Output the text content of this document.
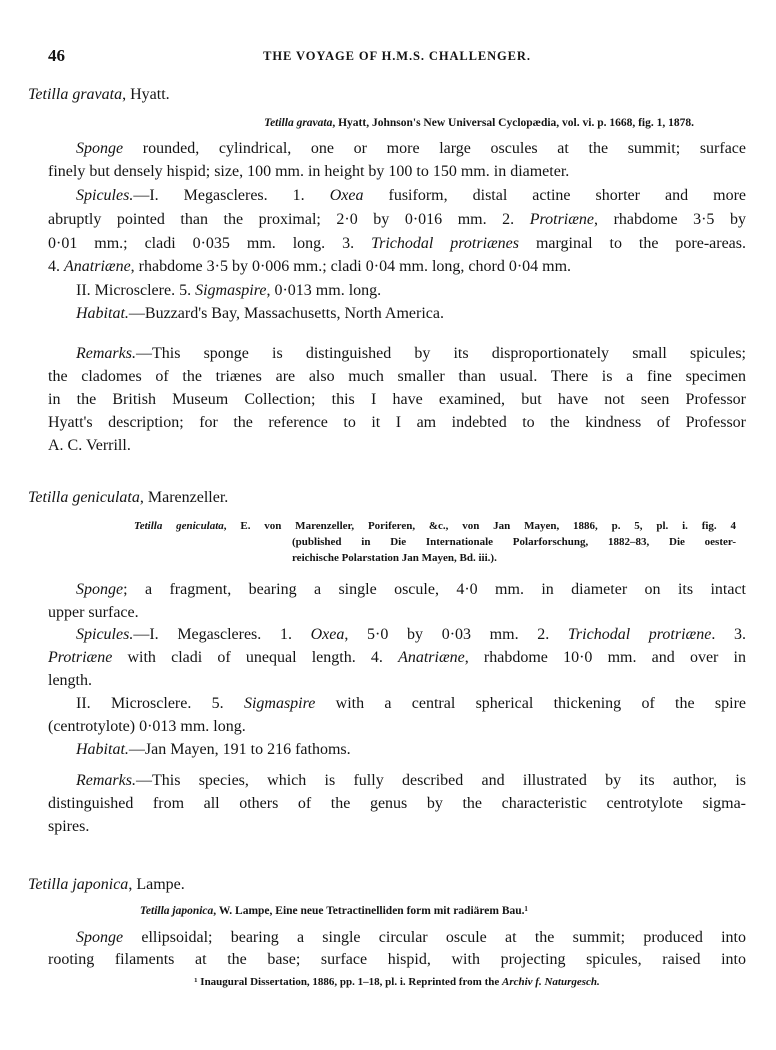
46	THE VOYAGE OF H.M.S. CHALLENGER.
Tetilla gravata, Hyatt.
Tetilla gravata, Hyatt, Johnson's New Universal Cyclopædia, vol. vi. p. 1668, fig. 1, 1878.
Sponge rounded, cylindrical, one or more large oscules at the summit; surface
finely but densely hispid; size, 100 mm. in height by 100 to 150 mm. in diameter.
Spicules.—I. Megascleres. 1. Oxea fusiform, distal actine shorter and more
abruptly pointed than the proximal; 2·0 by 0·016 mm. 2. Protriæne, rhabdome 3·5 by
0·01 mm.; cladi 0·035 mm. long. 3. Trichodal protriænes marginal to the pore-areas.
4. Anatriæne, rhabdome 3·5 by 0·006 mm.; cladi 0·04 mm. long, chord 0·04 mm.
II. Microsclere. 5. Sigmaspire, 0·013 mm. long.
Habitat.—Buzzard's Bay, Massachusetts, North America.
Remarks.—This sponge is distinguished by its disproportionately small spicules;
the cladomes of the triænes are also much smaller than usual. There is a fine specimen
in the British Museum Collection; this I have examined, but have not seen Professor
Hyatt's description; for the reference to it I am indebted to the kindness of Professor
A. C. Verrill.
Tetilla geniculata, Marenzeller.
Tetilla geniculata, E. von Marenzeller, Poriferen, &c., von Jan Mayen, 1886, p. 5, pl. i. fig. 4
(published in Die Internationale Polarforschung, 1882–83, Die oester-
reichische Polarstation Jan Mayen, Bd. iii.).
Sponge; a fragment, bearing a single oscule, 4·0 mm. in diameter on its intact
upper surface.
Spicules.—I. Megascleres. 1. Oxea, 5·0 by 0·03 mm. 2. Trichodal protriæne. 3.
Protriæne with cladi of unequal length. 4. Anatriæne, rhabdome 10·0 mm. and over in
length.
II. Microsclere. 5. Sigmaspire with a central spherical thickening of the spire
(centrotylote) 0·013 mm. long.
Habitat.—Jan Mayen, 191 to 216 fathoms.
Remarks.—This species, which is fully described and illustrated by its author, is
distinguished from all others of the genus by the characteristic centrotylote sigma-
spires.
Tetilla japonica, Lampe.
Tetilla japonica, W. Lampe, Eine neue Tetractinelliden form mit radiärem Bau.¹
Sponge ellipsoidal; bearing a single circular oscule at the summit; produced into
rooting filaments at the base; surface hispid, with projecting spicules, raised into
¹ Inaugural Dissertation, 1886, pp. 1–18, pl. i. Reprinted from the Archiv f. Naturgesch.
